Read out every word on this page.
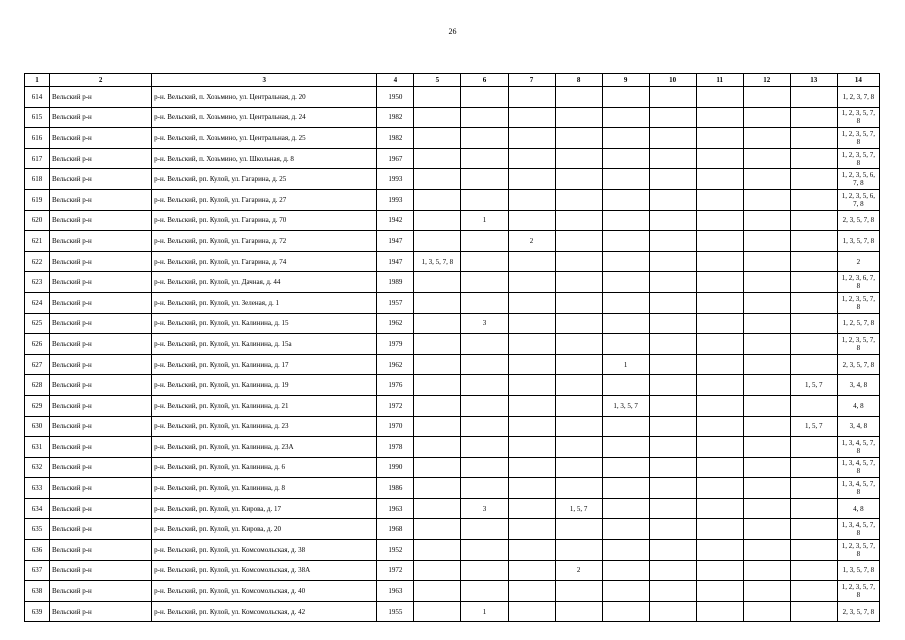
26
1	2	3	4	5	6	7	8	9	10	11	12	13	14
614	Вельский р-н	р-н. Вельский, п. Хозьмино, ул. Центральная, д. 20	1950										1, 2, 3, 7, 8
615	Вельский р-н	р-н. Вельский, п. Хозьмино, ул. Центральная, д. 24	1982										1, 2, 3, 5, 7, 8
616	Вельский р-н	р-н. Вельский, п. Хозьмино, ул. Центральная, д. 25	1982										1, 2, 3, 5, 7, 8
617	Вельский р-н	р-н. Вельский, п. Хозьмино, ул. Школьная, д. 8	1967										1, 2, 3, 5, 7, 8
618	Вельский р-н	р-н. Вельский, рп. Кулой, ул. Гагарина, д. 25	1993										1, 2, 3, 5, 6, 7, 8
619	Вельский р-н	р-н. Вельский, рп. Кулой, ул. Гагарина, д. 27	1993										1, 2, 3, 5, 6, 7, 8
620	Вельский р-н	р-н. Вельский, рп. Кулой, ул. Гагарина, д. 70	1942		1								2, 3, 5, 7, 8
621	Вельский р-н	р-н. Вельский, рп. Кулой, ул. Гагарина, д. 72	1947			2							1, 3, 5, 7, 8
622	Вельский р-н	р-н. Вельский, рп. Кулой, ул. Гагарина, д. 74	1947	1, 3, 5, 7, 8									2
623	Вельский р-н	р-н. Вельский, рп. Кулой, ул. Дачная, д. 44	1989										1, 2, 3, 6, 7, 8
624	Вельский р-н	р-н. Вельский, рп. Кулой, ул. Зеленая, д. 1	1957										1, 2, 3, 5, 7, 8
625	Вельский р-н	р-н. Вельский, рп. Кулой, ул. Калинина, д. 15	1962		3								1, 2, 5, 7, 8
626	Вельский р-н	р-н. Вельский, рп. Кулой, ул. Калинина, д. 15а	1979										1, 2, 3, 5, 7, 8
627	Вельский р-н	р-н. Вельский, рп. Кулой, ул. Калинина, д. 17	1962					1					2, 3, 5, 7, 8
628	Вельский р-н	р-н. Вельский, рп. Кулой, ул. Калинина, д. 19	1976									1, 5, 7	3, 4, 8
629	Вельский р-н	р-н. Вельский, рп. Кулой, ул. Калинина, д. 21	1972					1, 3, 5, 7					4, 8
630	Вельский р-н	р-н. Вельский, рп. Кулой, ул. Калинина, д. 23	1970									1, 5, 7	3, 4, 8
631	Вельский р-н	р-н. Вельский, рп. Кулой, ул. Калинина, д. 23А	1978										1, 3, 4, 5, 7, 8
632	Вельский р-н	р-н. Вельский, рп. Кулой, ул. Калинина, д. 6	1990										1, 3, 4, 5, 7, 8
633	Вельский р-н	р-н. Вельский, рп. Кулой, ул. Калинина, д. 8	1986										1, 3, 4, 5, 7, 8
634	Вельский р-н	р-н. Вельский, рп. Кулой, ул. Кирова, д. 17	1963		3		1, 5, 7						4, 8
635	Вельский р-н	р-н. Вельский, рп. Кулой, ул. Кирова, д. 20	1968										1, 3, 4, 5, 7, 8
636	Вельский р-н	р-н. Вельский, рп. Кулой, ул. Комсомольская, д. 38	1952										1, 2, 3, 5, 7, 8
637	Вельский р-н	р-н. Вельский, рп. Кулой, ул. Комсомольская, д. 38А	1972				2						1, 3, 5, 7, 8
638	Вельский р-н	р-н. Вельский, рп. Кулой, ул. Комсомольская, д. 40	1963										1, 2, 3, 5, 7, 8
639	Вельский р-н	р-н. Вельский, рп. Кулой, ул. Комсомольская, д. 42	1955		1								2, 3, 5, 7, 8
